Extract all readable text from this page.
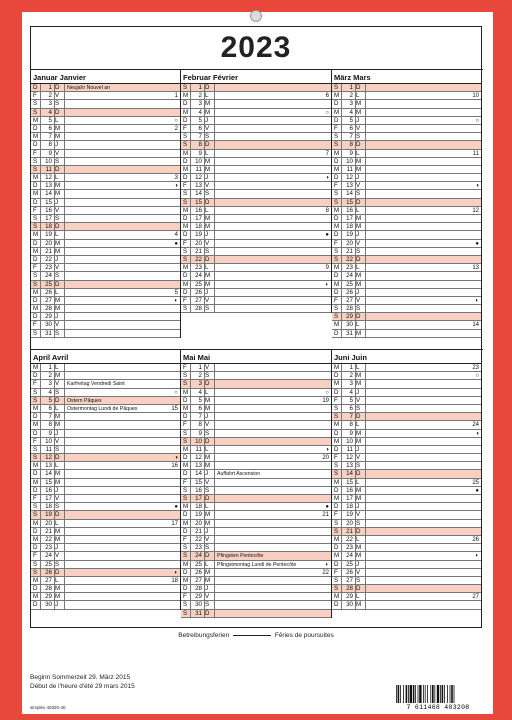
2023
Januar Janvier
D	1 D Neujahr Nouvel an
F	2 V	1
S	3 S
S	4 D
M	5 L	○
D	6 M	2
M	7 M
D	8 J
F	9 V
S	10 S
S	11 D
M	12 L	3
D	13 M	◑
M	14 M
D	15 J
F	16 V
S	17 S
S	18 D
M	19 L	4
D	20 M	●
M	21 M
D	22 J
F	23 V
S	24 S
S	25 D
M	26 L	5
D	27 M	◐
M	28 M
D	29 J
F	30 V
S	31 S
Februar Février
S	1 D
M	2 L	6
D	3 M
M	4 M	○
D	5 J
F	6 V
S	7 S
S	8 D
M	9 L	7
D	10 M
M	11 M
D	12 J	◑
F	13 V
S	14 S
S	15 D
M	16 L	8
D	17 M
M	18 M
D	19 J	●
F	20 V
S	21 S
S	22 D
M	23 L	9
D	24 M
M	25 M	◐
D	26 J
F	27 V
S	28 S
März Mars
S	1 D
M	2 L	10
D	3 M
M	4 M
D	5 J	○
F	6 V
S	7 S
S	8 D
M	9 L	11
D	10 M
M	11 M
D	12 J
F	13 V	◑
S	14 S
S	15 D
M	16 L	12
D	17 M
M	18 M
D	19 J
F	20 V	●
S	21 S
S	22 D
M	23 L	13
D	24 M
M	25 M
D	26 J
F	27 V	◐
S	28 S
S	29 D
M	30 L	14
D	31 M
April Avril
M	1 L
D	2 M
F	3 V Karfreitag Vendredi Saint
S	4 S	○
S	5 D Ostern Pâques
M	6 L Ostermontag Lundi de Pâques	15
D	7 M
M	8 M
D	9 J
F	10 V
S	11 S
S	12 D	◑
M	13 L	16
D	14 M
M	15 M
D	16 J
F	17 V
S	18 S	●
S	19 D
M	20 L	17
D	21 M
M	22 M
D	23 J
F	24 V
S	25 S
S	26 D	◐
M	27 L	18
D	28 M
M	29 M
D	30 J
Mai Mai
F	1 V
S	2 S
S	3 D
M	4 L	○
D	5 M	19
M	6 M
D	7 J
F	8 V
S	9 S
S	10 D
M	11 L	◑
D	12 M	20
M	13 M
D	14 J Auffahrt Ascension
F	15 V
S	16 S
S	17 D
M	18 L	●
D	19 M	21
M	20 M
D	21 J
F	22 V
S	23 S
S	24 D Pfingsten Pentecôte
M	25 L Pfingstmontag Lundi de Pentecôte	◐
D	26 M	22
M	27 M
D	28 J
F	29 V
S	30 S
S	31 D
Juni Juin
M	1 L	23
D	2 M	○
M	3 M
D	4 J
F	5 V
S	6 S
S	7 D
M	8 L	24
D	9 M	◑
M	10 M
D	11 J
F	12 V
S	13 S
S	14 D
M	15 L	25
D	16 M	●
M	17 M
D	18 J
F	19 V
S	20 S
S	21 D
M	22 L	26
D	23 M
M	24 M	◐
D	25 J
F	26 V
S	27 S
S	28 D
M	29 L	27
D	30 M
Betreibungsferien	Fêries de poursuites
Beginn Sommerzeit 29. März 2015
Début de l'heure d'été 29 mars 2015
simplex 40320-40	7 611468 403208
